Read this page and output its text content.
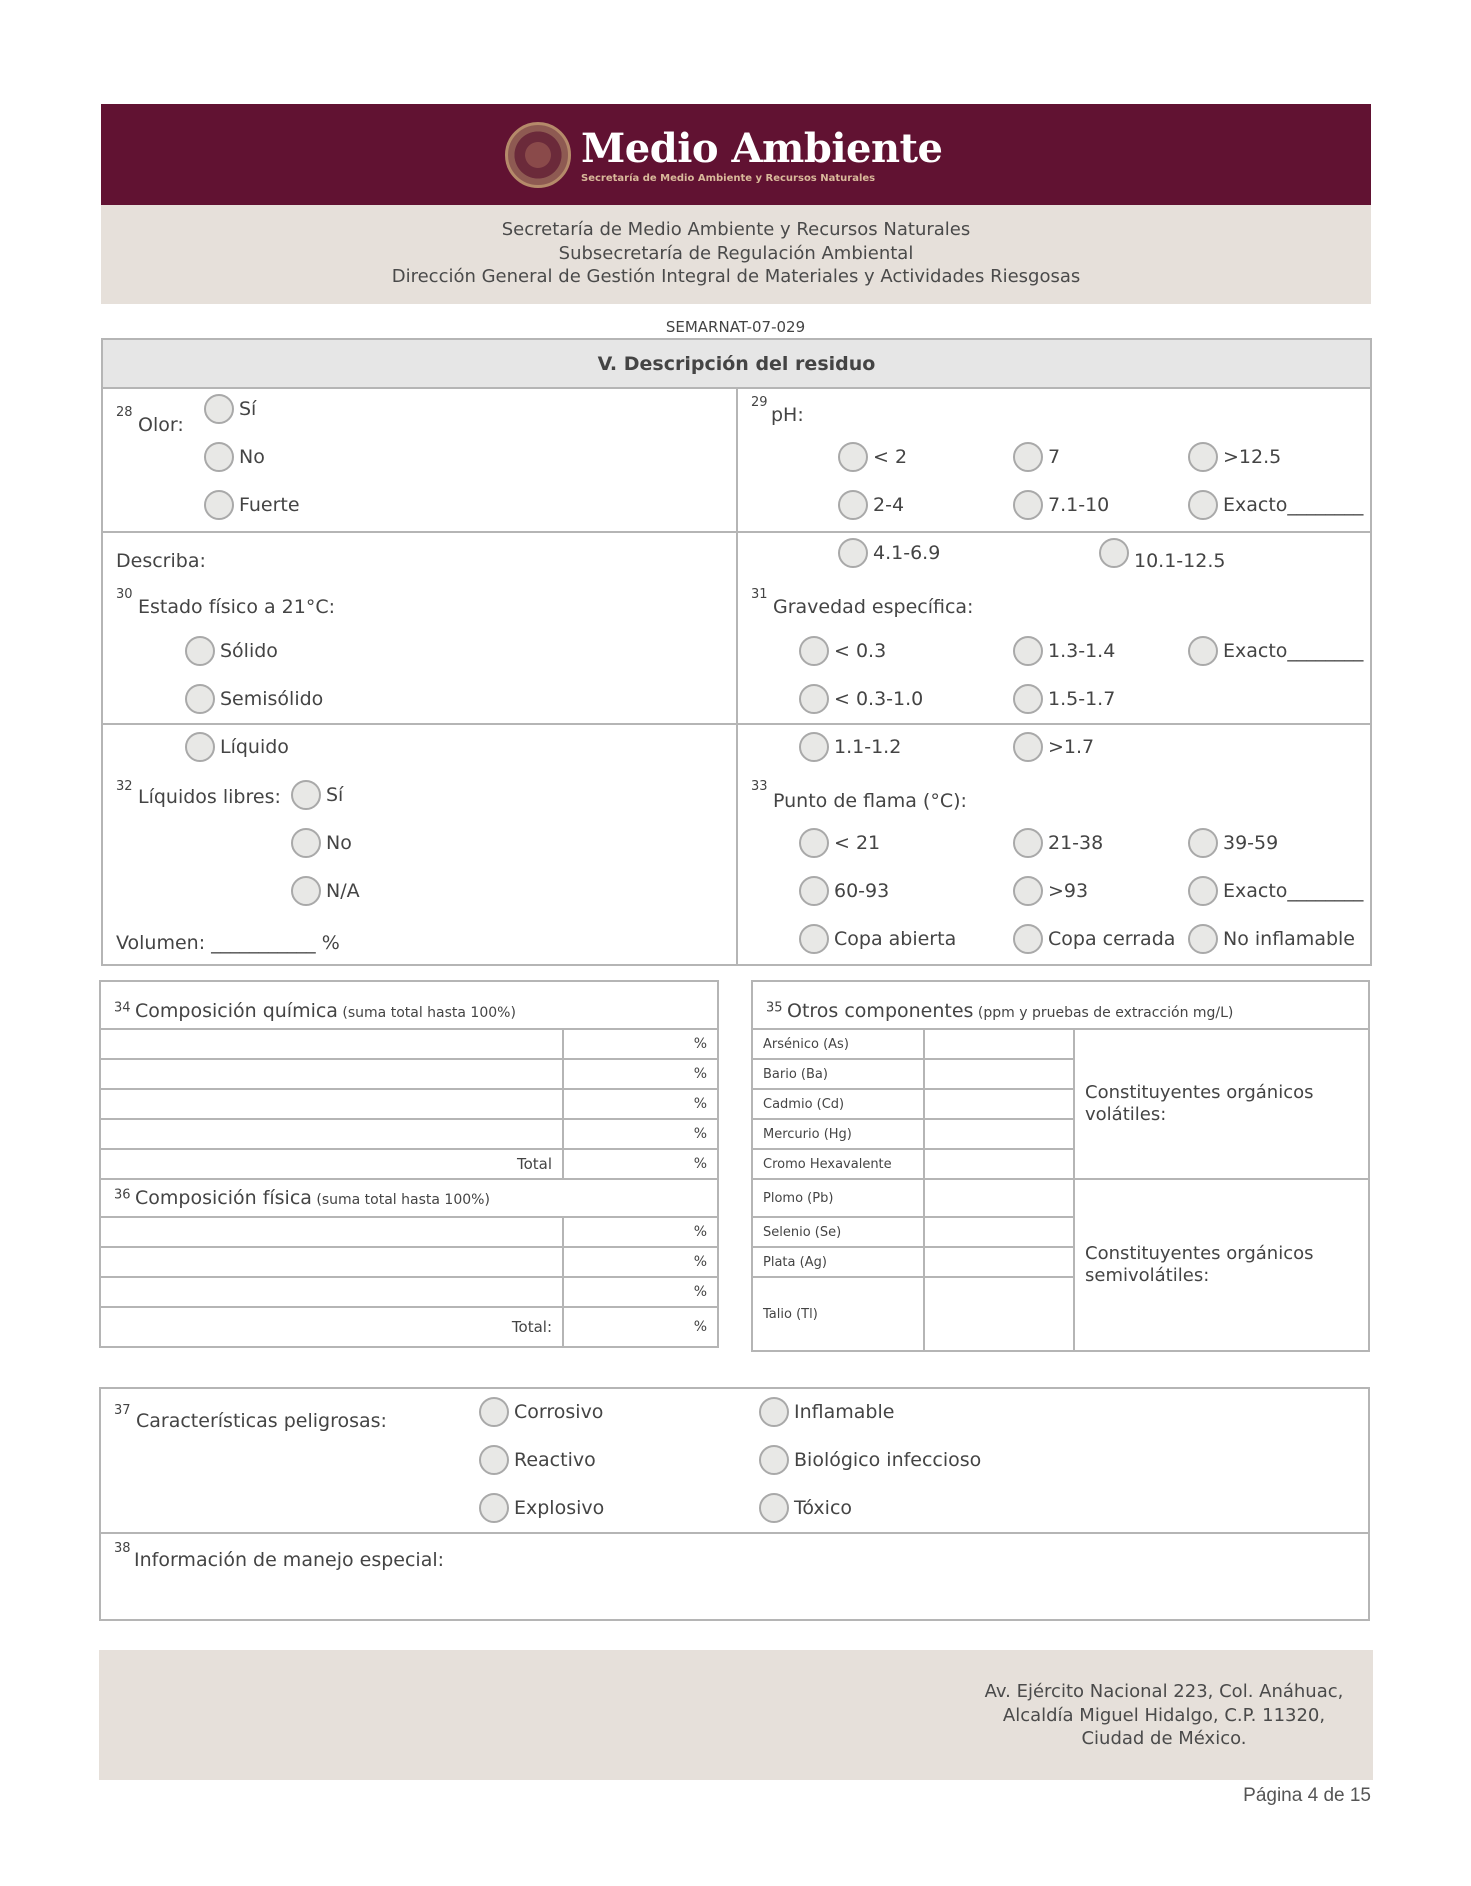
Medio Ambiente
Secretaría de Medio Ambiente y Recursos Naturales
Secretaría de Medio Ambiente y Recursos Naturales
Subsecretaría de Regulación Ambiental
Dirección General de Gestión Integral de Materiales y Actividades Riesgosas
SEMARNAT-07-029
V. Descripción del residuo
28
Olor:
Sí
No
Fuerte
Describa:
29
pH:
< 2	7	>12.5
2-4	7.1-10	Exacto________
4.1-6.9	10.1-12.5
30
Estado físico a 21°C:
Sólido
Semisólido
Líquido
31
Gravedad específica:
< 0.3	1.3-1.4	Exacto________
< 0.3-1.0	1.5-1.7
1.1-1.2	>1.7
32 Líquidos libres: Sí
No
N/A
Volumen: ___________ %
33
Punto de flama (°C):
< 21	21-38	39-59
60-93	>93	Exacto________
Copa abierta	Copa cerrada	No inflamable
$^{34}$ Composición química (suma total hasta 100%)	
	%
	%
	%
	%
Total	%
$^{36}$ Composición física (suma total hasta 100%)	
	%
	%
	%
Total:	%
$^{35}$ Otros componentes (ppm y pruebas de extracción mg/L)		
Arsénico (As)		Constituyentes orgánicos volátiles:
Bario (Ba)		
Cadmio (Cd)		
Mercurio (Hg)		
Cromo Hexavalente		
Plomo (Pb)		Constituyentes orgánicos semivolátiles:
Selenio (Se)		
Plata (Ag)		
Talio (Tl)		
37 Características peligrosas:	Corrosivo	Inflamable
Reactivo	Biológico infeccioso
Explosivo	Tóxico
38
Información de manejo especial:
Av. Ejército Nacional 223, Col. Anáhuac,
Alcaldía Miguel Hidalgo, C.P. 11320,
Ciudad de México.
Página 4 de 15
